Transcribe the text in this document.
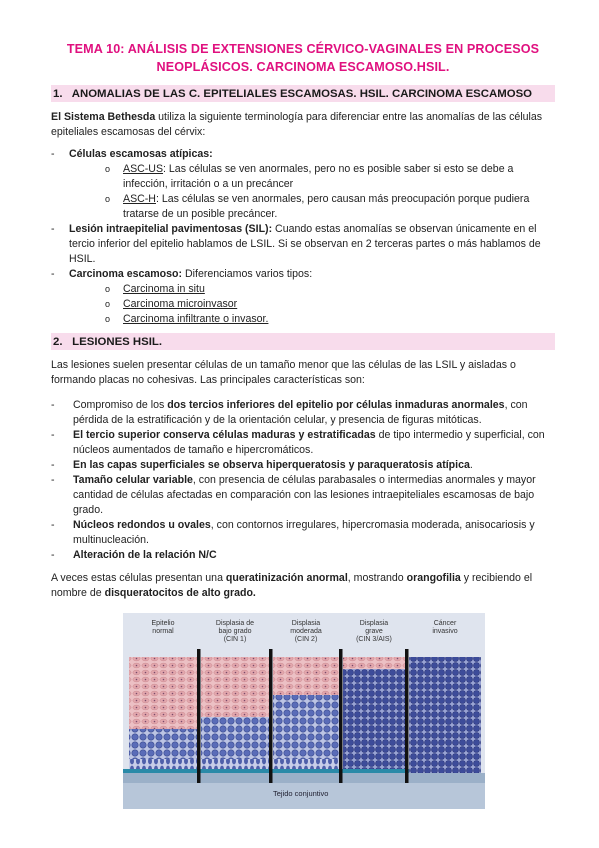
TEMA 10: ANÁLISIS DE EXTENSIONES CÉRVICO-VAGINALES EN PROCESOS NEOPLÁSICOS. CARCINOMA ESCAMOSO.HSIL.
1. ANOMALIAS DE LAS C. EPITELIALES ESCAMOSAS. HSIL. CARCINOMA ESCAMOSO

El Sistema Bethesda utiliza la siguiente terminología para diferenciar entre las anomalías de las células epiteliales escamosas del cérvix:

- Células escamosas atípicas:
o ASC-US: Las células se ven anormales, pero no es posible saber si esto se debe a infección, irritación o a un precáncer
o ASC-H: Las células se ven anormales, pero causan más preocupación porque pudiera tratarse de un posible precáncer.
- Lesión intraepitelial pavimentosas (SIL): Cuando estas anomalías se observan únicamente en el tercio inferior del epitelio hablamos de LSIL. Si se observan en 2 terceras partes o más hablamos de HSIL.
- Carcinoma escamoso: Diferenciamos varios tipos:
o Carcinoma in situ
o Carcinoma microinvasor
o Carcinoma infiltrante o invasor.
2. LESIONES HSIL.

Las lesiones suelen presentar células de un tamaño menor que las células de las LSIL y aisladas o formando placas no cohesivas. Las principales características son:

- Compromiso de los dos tercios inferiores del epitelio por células inmaduras anormales, con pérdida de la estratificación y de la orientación celular, y presencia de figuras mitóticas.
- El tercio superior conserva células maduras y estratificadas de tipo intermedio y superficial, con núcleos aumentados de tamaño e hipercromáticos.
- En las capas superficiales se observa hiperqueratosis y paraqueratosis atípica.
- Tamaño celular variable, con presencia de células parabasales o intermedias anormales y mayor cantidad de células afectadas en comparación con las lesiones intraepiteliales escamosas de bajo grado.
- Núcleos redondos u ovales, con contornos irregulares, hipercromasia moderada, anisocariosis y multinucleación.
- Alteración de la relación N/C

A veces estas células presentan una queratinización anormal, mostrando orangofilia y recibiendo el nombre de disqueratocitos de alto grado.

Tejido conjuntivo
Epitelio
normal
Displasia de
bajo grado
(CIN 1)
Displasia
moderada
(CIN 2)
Displasia
grave
(CIN 3/AIS)
Cáncer
invasivo
